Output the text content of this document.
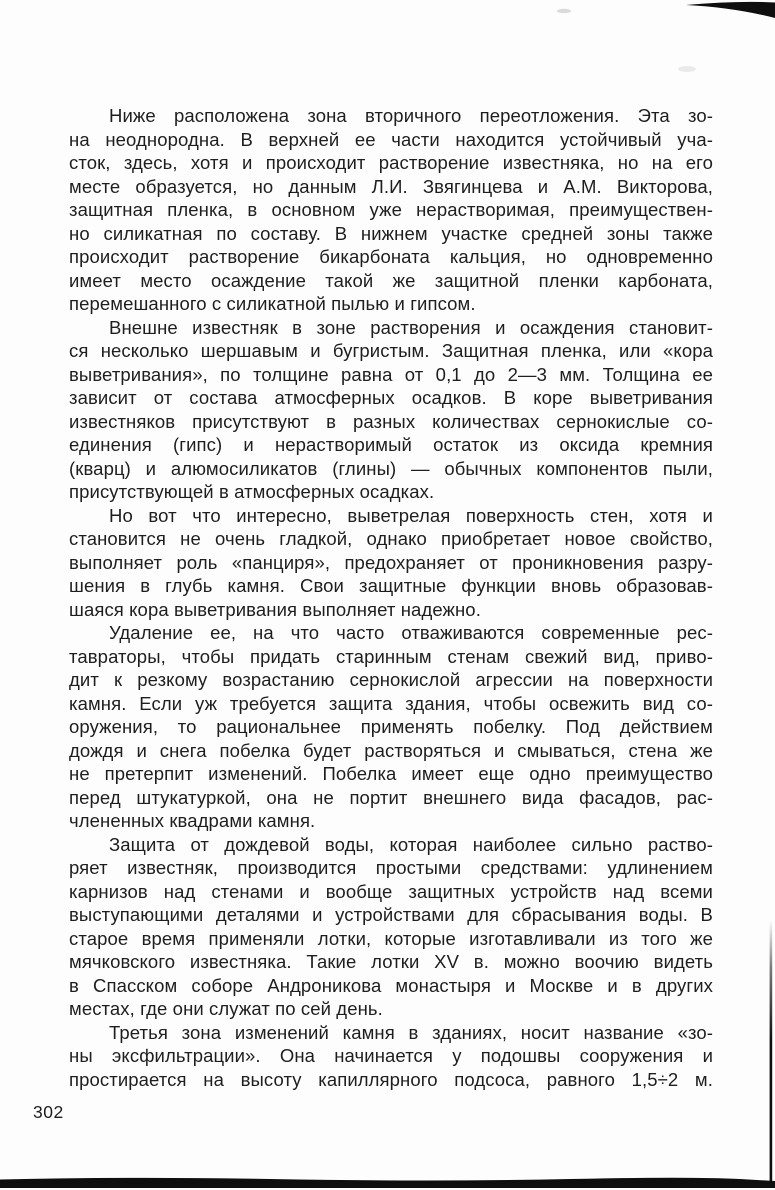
Ниже расположена зона вторичного переотложения. Эта зо-
на неоднородна. В верхней ее части находится устойчивый уча-
сток, здесь, хотя и происходит растворение известняка, но на его
месте образуется, но данным Л.И. Звягинцева и А.М. Викторова,
защитная пленка, в основном уже нерастворимая, преимуществен-
но силикатная по составу. В нижнем участке средней зоны также
происходит растворение бикарбоната кальция, но одновременно
имеет место осаждение такой же защитной пленки карбоната,
перемешанного с силикатной пылью и гипсом.
Внешне известняк в зоне растворения и осаждения становит-
ся несколько шершавым и бугристым. Защитная пленка, или «кора
выветривания», по толщине равна от 0,1 до 2—3 мм. Толщина ее
зависит от состава атмосферных осадков. В коре выветривания
известняков присутствуют в разных количествах сернокислые со-
единения (гипс) и нерастворимый остаток из оксида кремния
(кварц) и алюмосиликатов (глины) — обычных компонентов пыли,
присутствующей в атмосферных осадках.
Но вот что интересно, выветрелая поверхность стен, хотя и
становится не очень гладкой, однако приобретает новое свойство,
выполняет роль «панциря», предохраняет от проникновения разру-
шения в глубь камня. Свои защитные функции вновь образовав-
шаяся кора выветривания выполняет надежно.
Удаление ее, на что часто отваживаются современные рес-
тавраторы, чтобы придать старинным стенам свежий вид, приво-
дит к резкому возрастанию сернокислой агрессии на поверхности
камня. Если уж требуется защита здания, чтобы освежить вид со-
оружения, то рациональнее применять побелку. Под действием
дождя и снега побелка будет растворяться и смываться, стена же
не претерпит изменений. Побелка имеет еще одно преимущество
перед штукатуркой, она не портит внешнего вида фасадов, рас-
члененных квадрами камня.
Защита от дождевой воды, которая наиболее сильно раство-
ряет известняк, производится простыми средствами: удлинением
карнизов над стенами и вообще защитных устройств над всеми
выступающими деталями и устройствами для сбрасывания воды. В
старое время применяли лотки, которые изготавливали из того же
мячковского известняка. Такие лотки XV в. можно воочию видеть
в Спасском соборе Андроникова монастыря и Москве и в других
местах, где они служат по сей день.
Третья зона изменений камня в зданиях, носит название «зо-
ны эксфильтрации». Она начинается у подошвы сооружения и
простирается на высоту капиллярного подсоса, равного 1,5÷2 м.
302
